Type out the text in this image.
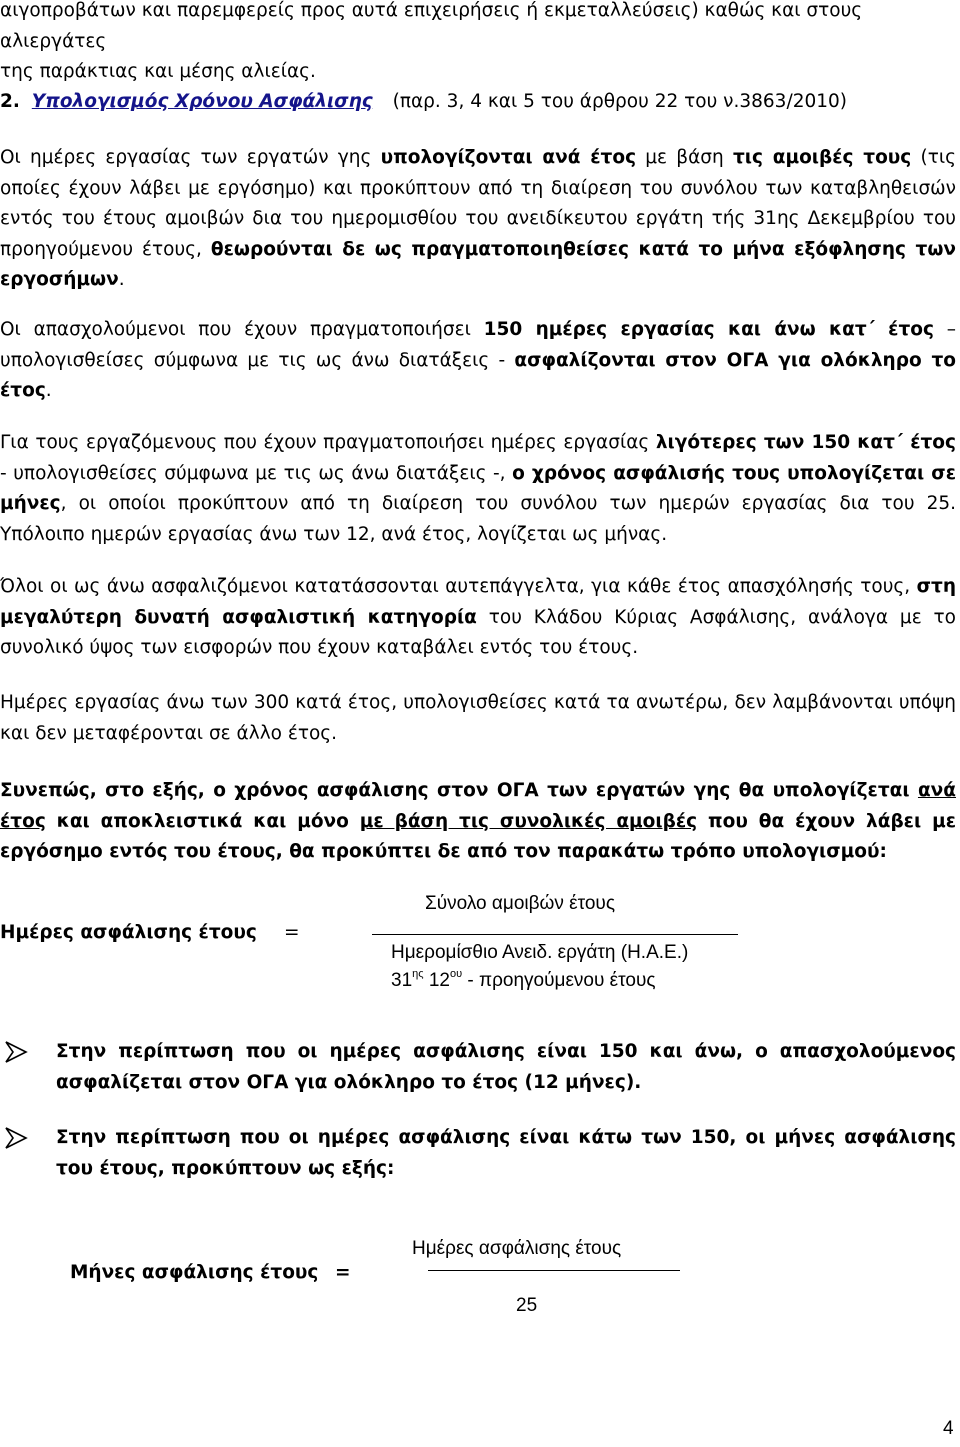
αιγοπροβάτων και παρεμφερείς προς αυτά επιχειρήσεις ή εκμεταλλεύσεις) καθώς και στους αλιεργάτες
της παράκτιας και μέσης αλιείας.
2. Υπολογισμός Χρόνου Ασφάλισης (παρ. 3, 4 και 5 του άρθρου 22 του ν.3863/2010)
Οι ημέρες εργασίας των εργατών γης υπολογίζονται ανά έτος με βάση τις αμοιβές τους (τις οποίες έχουν λάβει με εργόσημο) και προκύπτουν από τη διαίρεση του συνόλου των καταβληθεισών εντός του έτους αμοιβών δια του ημερομισθίου του ανειδίκευτου εργάτη τής 31ης Δεκεμβρίου του προηγούμενου έτους, θεωρούνται δε ως πραγματοποιηθείσες κατά το μήνα εξόφλησης των εργοσήμων.
Οι απασχολούμενοι που έχουν πραγματοποιήσει 150 ημέρες εργασίας και άνω κατ΄ έτος – υπολογισθείσες σύμφωνα με τις ως άνω διατάξεις - ασφαλίζονται στον ΟΓΑ για ολόκληρο το έτος.
Για τους εργαζόμενους που έχουν πραγματοποιήσει ημέρες εργασίας λιγότερες των 150 κατ΄ έτος - υπολογισθείσες σύμφωνα με τις ως άνω διατάξεις -, ο χρόνος ασφάλισής τους υπολογίζεται σε μήνες, οι οποίοι προκύπτουν από τη διαίρεση του συνόλου των ημερών εργασίας δια του 25. Υπόλοιπο ημερών εργασίας άνω των 12, ανά έτος, λογίζεται ως μήνας.
Όλοι οι ως άνω ασφαλιζόμενοι κατατάσσονται αυτεπάγγελτα, για κάθε έτος απασχόλησής τους, στη μεγαλύτερη δυνατή ασφαλιστική κατηγορία του Κλάδου Κύριας Ασφάλισης, ανάλογα με το συνολικό ύψος των εισφορών που έχουν καταβάλει εντός του έτους.
Ημέρες εργασίας άνω των 300 κατά έτος, υπολογισθείσες κατά τα ανωτέρω, δεν λαμβάνονται υπόψη και δεν μεταφέρονται σε άλλο έτος.
Συνεπώς, στο εξής, ο χρόνος ασφάλισης στον ΟΓΑ των εργατών γης θα υπολογίζεται ανά έτος και αποκλειστικά και μόνο με βάση τις συνολικές αμοιβές που θα έχουν λάβει με εργόσημο εντός του έτους, θα προκύπτει δε από τον παρακάτω τρόπο υπολογισμού:
Σύνολο αμοιβών έτους
Ημέρες ασφάλισης έτους =
Ημερομίσθιο Ανειδ. εργάτη (Η.Α.Ε.)
$31^{\eta\varsigma}$ $12^{o\upsilon}$ - προηγούμενου έτους
Στην περίπτωση που οι ημέρες ασφάλισης είναι 150 και άνω, ο απασχολούμενος ασφαλίζεται στον ΟΓΑ για ολόκληρο το έτος (12 μήνες).
Στην περίπτωση που οι ημέρες ασφάλισης είναι κάτω των 150, οι μήνες ασφάλισης του έτους, προκύπτουν ως εξής:
Ημέρες ασφάλισης έτους
Μήνες ασφάλισης έτους =
25
4
